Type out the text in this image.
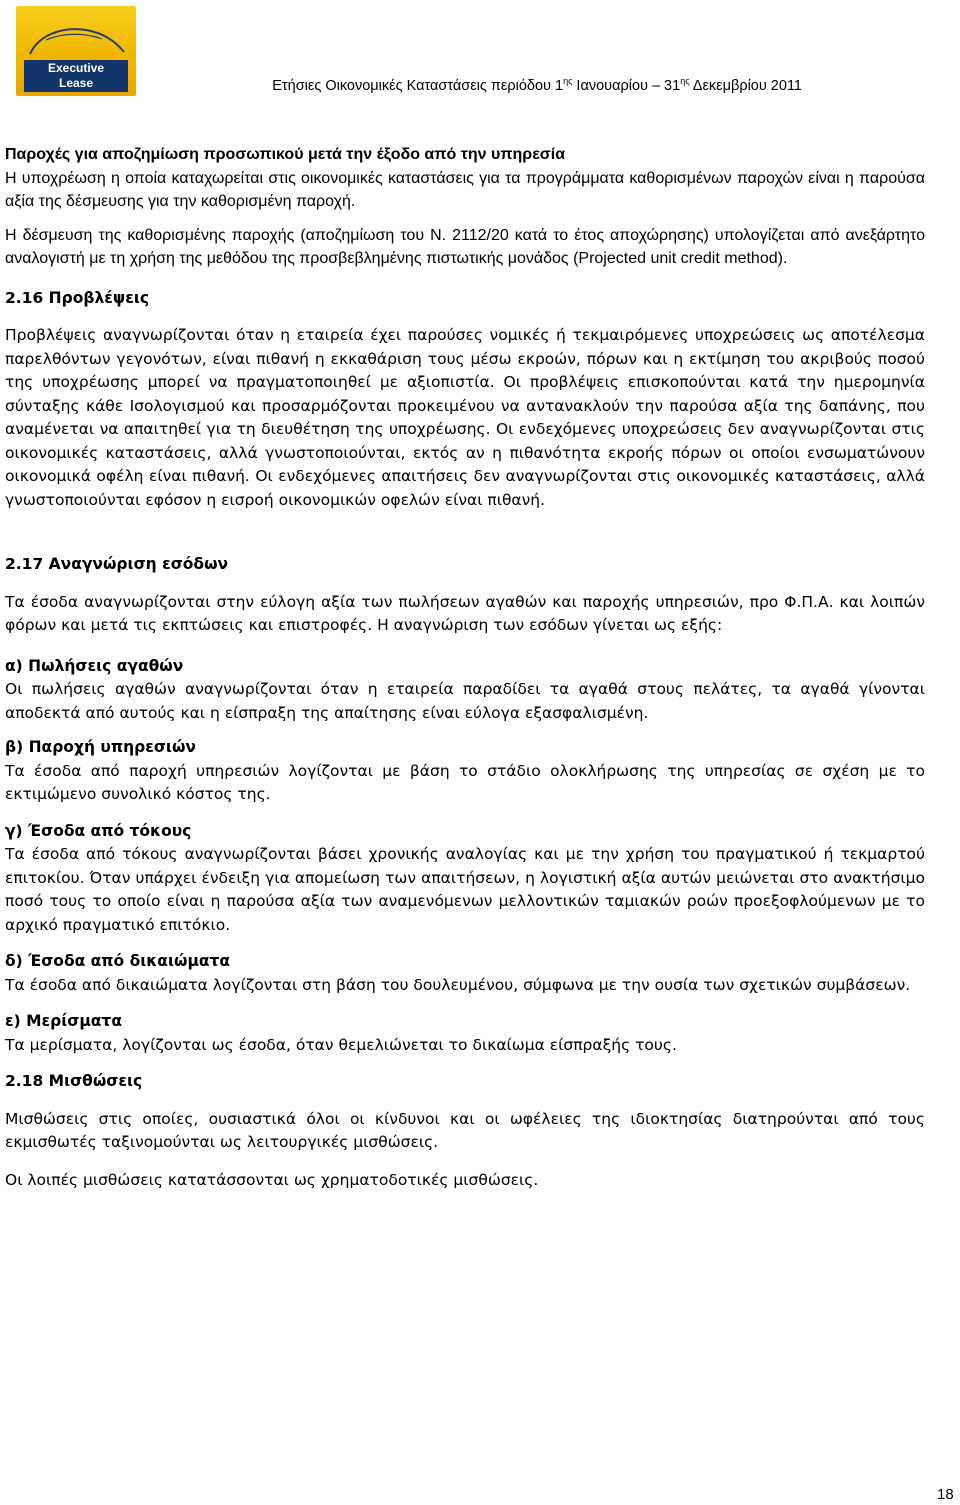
Executive
Lease	Ετήσιες Οικονομικές Καταστάσεις περιόδου $1^{\eta\varsigma}$ Ιανουαρίου – $31^{\eta\varsigma}$ Δεκεμβρίου 2011

Παροχές για αποζημίωση προσωπικού μετά την έξοδο από την υπηρεσία

Η υποχρέωση η οποία καταχωρείται στις οικονομικές καταστάσεις για τα προγράμματα καθορισμένων παροχών είναι η παρούσα αξία της δέσμευσης για την καθορισμένη παροχή.

Η δέσμευση της καθορισμένης παροχής (αποζημίωση του Ν. 2112/20 κατά το έτος αποχώρησης) υπολογίζεται από ανεξάρτητο αναλογιστή με τη χρήση της μεθόδου της προσβεβλημένης πιστωτικής μονάδος (Projected unit credit method).

2.16 Προβλέψεις

Προβλέψεις αναγνωρίζονται όταν η εταιρεία έχει παρούσες νομικές ή τεκμαιρόμενες υποχρεώσεις ως αποτέλεσμα παρελθόντων γεγονότων, είναι πιθανή η εκκαθάριση τους μέσω εκροών, πόρων και η εκτίμηση του ακριβούς ποσού της υποχρέωσης μπορεί να πραγματοποιηθεί με αξιοπιστία. Οι προβλέψεις επισκοπούνται κατά την ημερομηνία σύνταξης κάθε Ισολογισμού και προσαρμόζονται προκειμένου να αντανακλούν την παρούσα αξία της δαπάνης, που αναμένεται να απαιτηθεί για τη διευθέτηση της υποχρέωσης. Οι ενδεχόμενες υποχρεώσεις δεν αναγνωρίζονται στις οικονομικές καταστάσεις, αλλά γνωστοποιούνται, εκτός αν η πιθανότητα εκροής πόρων οι οποίοι ενσωματώνουν οικονομικά οφέλη είναι πιθανή. Οι ενδεχόμενες απαιτήσεις δεν αναγνωρίζονται στις οικονομικές καταστάσεις, αλλά γνωστοποιούνται εφόσον η εισροή οικονομικών οφελών είναι πιθανή.

2.17 Αναγνώριση εσόδων

Τα έσοδα αναγνωρίζονται στην εύλογη αξία των πωλήσεων αγαθών και παροχής υπηρεσιών, προ Φ.Π.Α. και λοιπών φόρων και μετά τις εκπτώσεις και επιστροφές. Η αναγνώριση των εσόδων γίνεται ως εξής:

α) Πωλήσεις αγαθών

Οι πωλήσεις αγαθών αναγνωρίζονται όταν η εταιρεία παραδίδει τα αγαθά στους πελάτες, τα αγαθά γίνονται αποδεκτά από αυτούς και η είσπραξη της απαίτησης είναι εύλογα εξασφαλισμένη.

β) Παροχή υπηρεσιών

Τα έσοδα από παροχή υπηρεσιών λογίζονται με βάση το στάδιο ολοκλήρωσης της υπηρεσίας σε σχέση με το εκτιμώμενο συνολικό κόστος της.

γ) Έσοδα από τόκους

Τα έσοδα από τόκους αναγνωρίζονται βάσει χρονικής αναλογίας και με την χρήση του πραγματικού ή τεκμαρτού επιτοκίου. Όταν υπάρχει ένδειξη για απομείωση των απαιτήσεων, η λογιστική αξία αυτών μειώνεται στο ανακτήσιμο ποσό τους το οποίο είναι η παρούσα αξία των αναμενόμενων μελλοντικών ταμιακών ροών προεξοφλούμενων με το αρχικό πραγματικό επιτόκιο.

δ) Έσοδα από δικαιώματα

Τα έσοδα από δικαιώματα λογίζονται στη βάση του δουλευμένου, σύμφωνα με την ουσία των σχετικών συμβάσεων.

ε) Μερίσματα

Τα μερίσματα, λογίζονται ως έσοδα, όταν θεμελιώνεται το δικαίωμα είσπραξής τους.

2.18 Μισθώσεις

Μισθώσεις στις οποίες, ουσιαστικά όλοι οι κίνδυνοι και οι ωφέλειες της ιδιοκτησίας διατηρούνται από τους εκμισθωτές ταξινομούνται ως λειτουργικές μισθώσεις.

Οι λοιπές μισθώσεις κατατάσσονται ως χρηματοδοτικές μισθώσεις.

18
